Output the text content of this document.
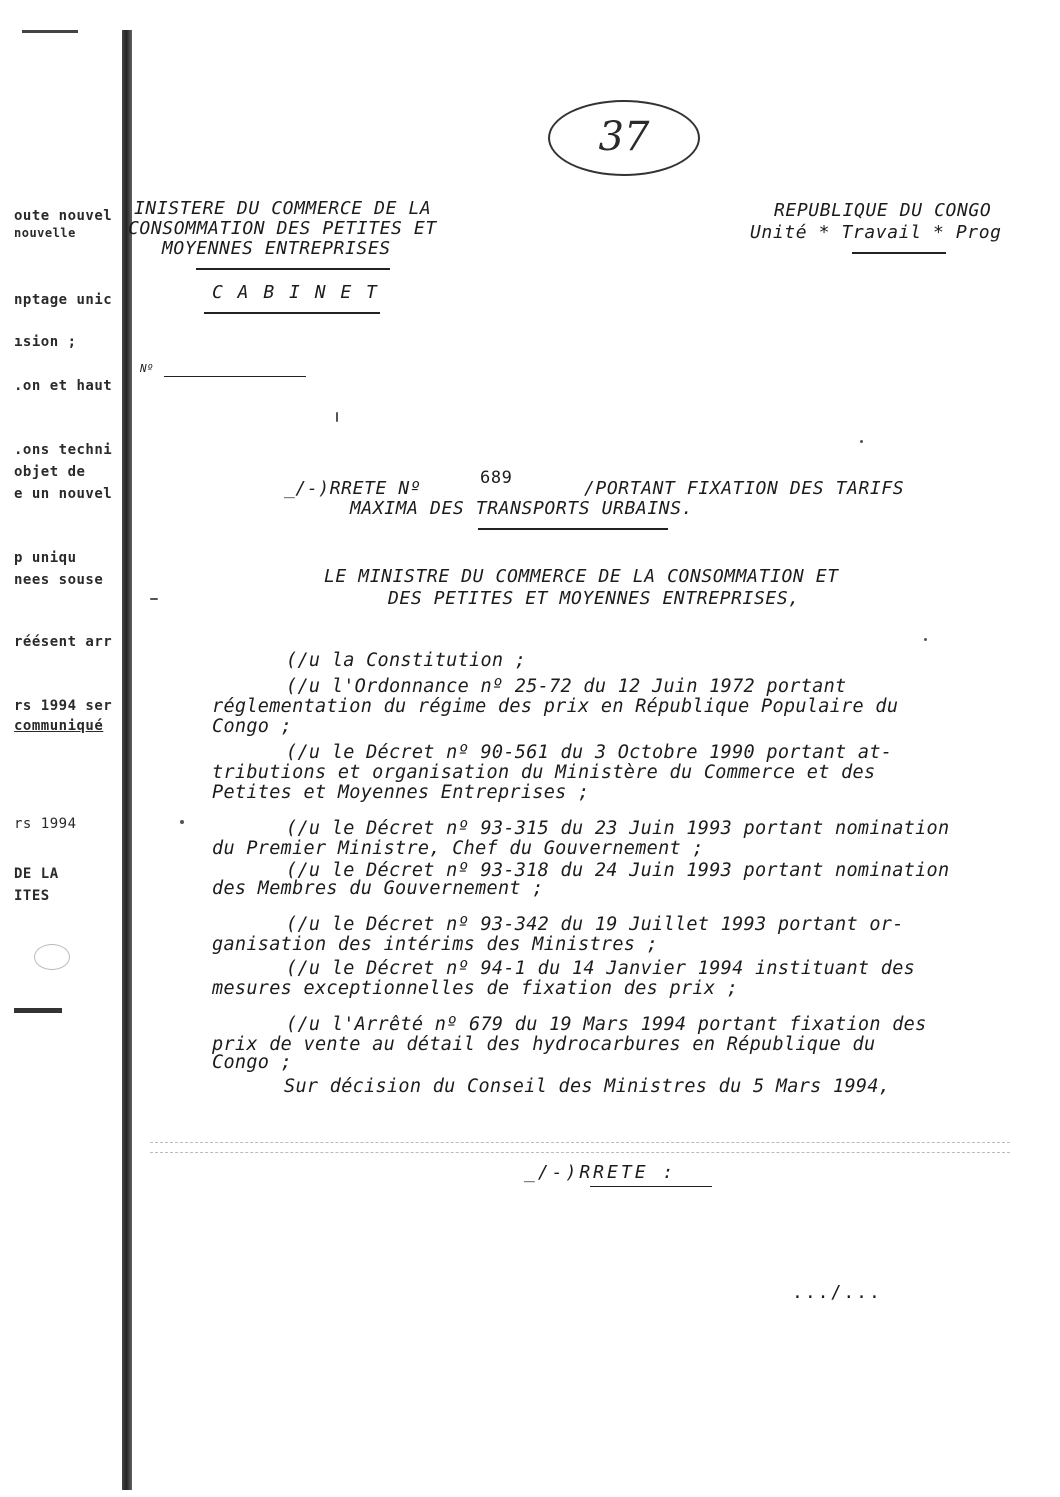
oute nouvel
nouvelle
nptage unic
ısion ;
.on et haut
.ons techni
objet de
e un nouvel
p uniqu
nees souse
réésent arr
rs 1994 ser
communiqué
rs 1994
DE LA
ITES
37
INISTERE DU COMMERCE DE LA
CONSOMMATION DES PETITES ET
MOYENNES ENTREPRISES
C A B I N E T
REPUBLIQUE DU CONGO
Unité * Travail * Prog
Nº
_/-)RRETE Nº	689	/PORTANT FIXATION DES TARIFS
MAXIMA DES TRANSPORTS URBAINS.
LE MINISTRE DU COMMERCE DE LA CONSOMMATION ET
DES PETITES ET MOYENNES ENTREPRISES,
(/u la Constitution ;
(/u l'Ordonnance nº 25-72 du 12 Juin 1972 portant
réglementation du régime des prix en République Populaire du
Congo ;
(/u le Décret nº 90-561 du 3 Octobre 1990 portant at-
tributions et organisation du Ministère du Commerce et des
Petites et Moyennes Entreprises ;
(/u le Décret nº 93-315 du 23 Juin 1993 portant nomination
du Premier Ministre, Chef du Gouvernement ;
(/u le Décret nº 93-318 du 24 Juin 1993 portant nomination
des Membres du Gouvernement ;
(/u le Décret nº 93-342 du 19 Juillet 1993 portant or-
ganisation des intérims des Ministres ;
(/u le Décret nº 94-1 du 14 Janvier 1994 instituant des
mesures exceptionnelles de fixation des prix ;
(/u l'Arrêté nº 679 du 19 Mars 1994 portant fixation des
prix de vente au détail des hydrocarbures en République du
Congo ;
Sur décision du Conseil des Ministres du 5 Mars 1994,
_/-)RRETE :
.../...
